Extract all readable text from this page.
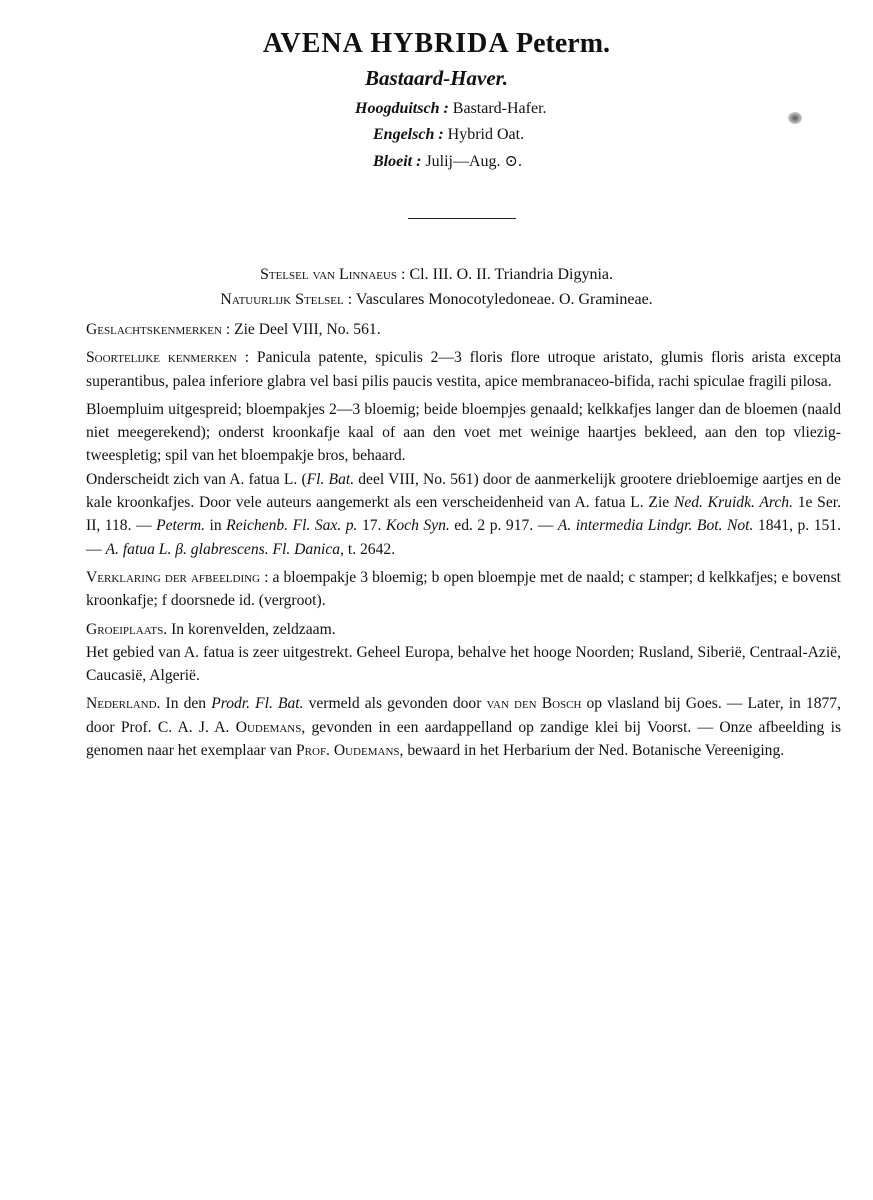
AVENA HYBRIDA Peterm.
Bastaard-Haver.
Hoogduitsch : Bastard-Hafer.
Engelsch : Hybrid Oat.
Bloeit : Julij—Aug. ⊙.
Stelsel van Linnaeus : Cl. III. O. II. Triandria Digynia.
Natuurlijk Stelsel : Vasculares Monocotyledoneae. O. Gramineae.

Geslachtskenmerken : Zie Deel VIII, No. 561.

Soortelijke kenmerken : Panicula patente, spiculis 2—3 floris flore utroque aristato, glumis floris arista excepta superantibus, palea inferiore glabra vel basi pilis paucis vestita, apice membranaceo-bifida, rachi spiculae fragili pilosa.

Bloempluim uitgespreid; bloempakjes 2—3 bloemig; beide bloempjes genaald; kelkkafjes langer dan de bloemen (naald niet meegerekend); onderst kroonkafje kaal of aan den voet met weinige haartjes bekleed, aan den top vliezig-tweespletig; spil van het bloempakje bros, behaard.

Onderscheidt zich van A. fatua L. (Fl. Bat. deel VIII, No. 561) door de aanmerkelijk grootere driebloemige aartjes en de kale kroonkafjes. Door vele auteurs aangemerkt als een verscheidenheid van A. fatua L. Zie Ned. Kruidk. Arch. 1e Ser. II, 118. — Peterm. in Reichenb. Fl. Sax. p. 17. Koch Syn. ed. 2 p. 917. — A. intermedia Lindgr. Bot. Not. 1841, p. 151. — A. fatua L. β. glabrescens. Fl. Danica, t. 2642.

Verklaring der afbeelding : a bloempakje 3 bloemig; b open bloempje met de naald; c stamper; d kelkkafjes; e bovenst kroonkafje; f doorsnede id. (vergroot).

Groeiplaats. In korenvelden, zeldzaam.

Het gebied van A. fatua is zeer uitgestrekt. Geheel Europa, behalve het hooge Noorden; Rusland, Siberië, Centraal-Azië, Caucasië, Algerië.

Nederland. In den Prodr. Fl. Bat. vermeld als gevonden door van den Bosch op vlasland bij Goes. — Later, in 1877, door Prof. C. A. J. A. Oudemans, gevonden in een aardappelland op zandige klei bij Voorst. — Onze afbeelding is genomen naar het exemplaar van Prof. Oudemans, bewaard in het Herbarium der Ned. Botanische Vereeniging.
